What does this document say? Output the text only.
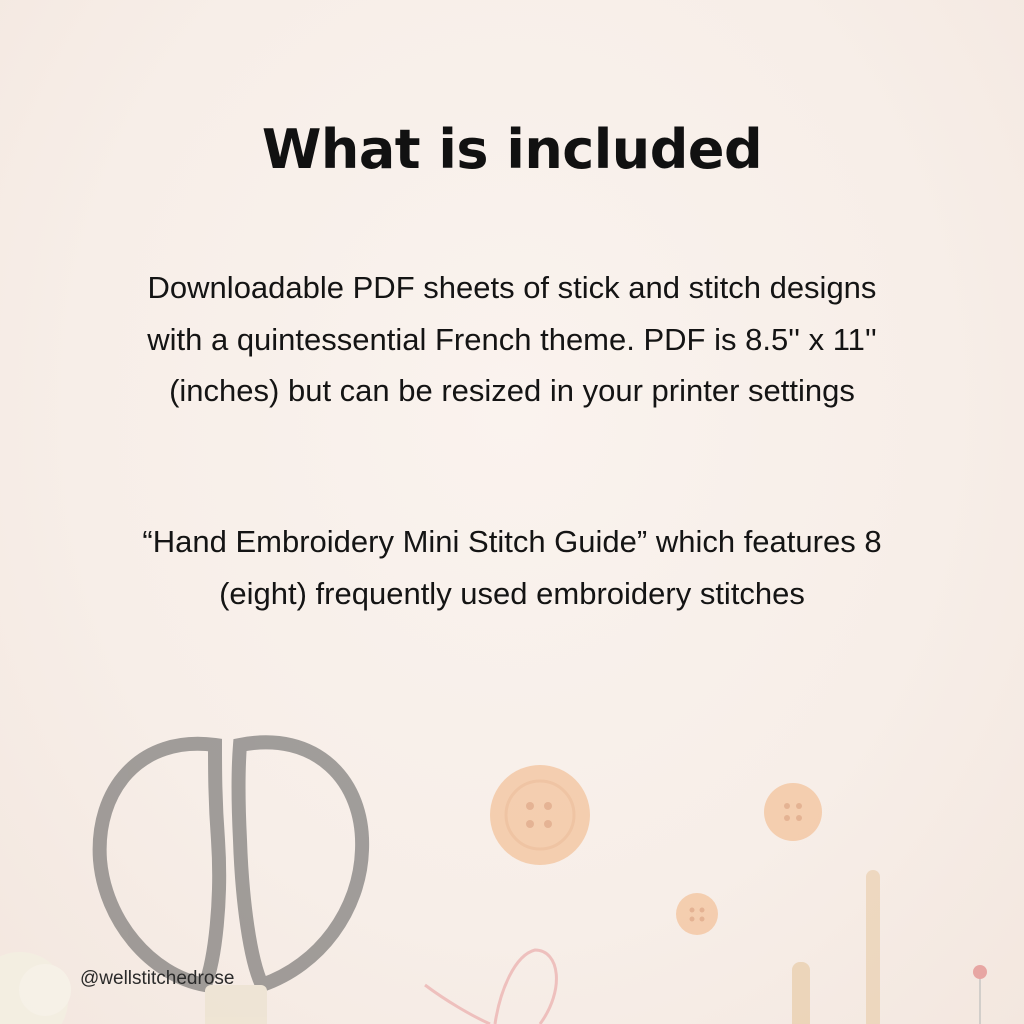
What is included

Downloadable PDF sheets of stick and stitch designs with a quintessential French theme. PDF is 8.5'' x 11'' (inches) but can be resized in your printer settings

“Hand Embroidery Mini Stitch Guide” which features 8 (eight) frequently used embroidery stitches

@wellstitchedrose
